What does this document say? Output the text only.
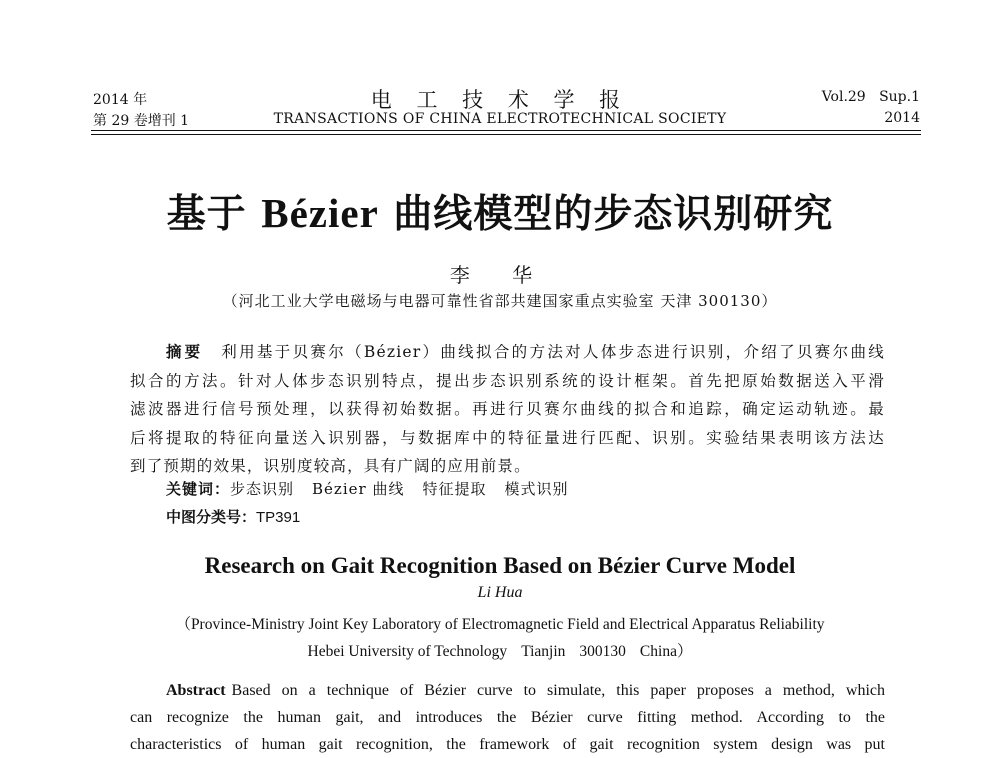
2014 年
第 29 卷增刊 1
电 工 技 术 学 报
TRANSACTIONS OF CHINA ELECTROTECHNICAL SOCIETY
Vol.29   Sup.1
2014
基于 Bézier 曲线模型的步态识别研究
李 华
（河北工业大学电磁场与电器可靠性省部共建国家重点实验室 天津 300130）
摘要 利用基于贝赛尔（Bézier）曲线拟合的方法对人体步态进行识别，介绍了贝赛尔曲线
拟合的方法。针对人体步态识别特点，提出步态识别系统的设计框架。首先把原始数据送入平滑
滤波器进行信号预处理，以获得初始数据。再进行贝赛尔曲线的拟合和追踪，确定运动轨迹。最
后将提取的特征向量送入识别器，与数据库中的特征量进行匹配、识别。实验结果表明该方法达
到了预期的效果，识别度较高，具有广阔的应用前景。
关键词：步态识别 Bézier 曲线 特征提取 模式识别
中图分类号：TP391
Research on Gait Recognition Based on Bézier Curve Model
Li Hua
（Province-Ministry Joint Key Laboratory of Electromagnetic Field and Electrical Apparatus Reliability
Hebei University of Technology Tianjin 300130 China）
Abstract Based on a technique of Bézier curve to simulate, this paper proposes a method, which
can recognize the human gait, and introduces the Bézier curve fitting method. According to the
characteristics of human gait recognition, the framework of gait recognition system design was put
